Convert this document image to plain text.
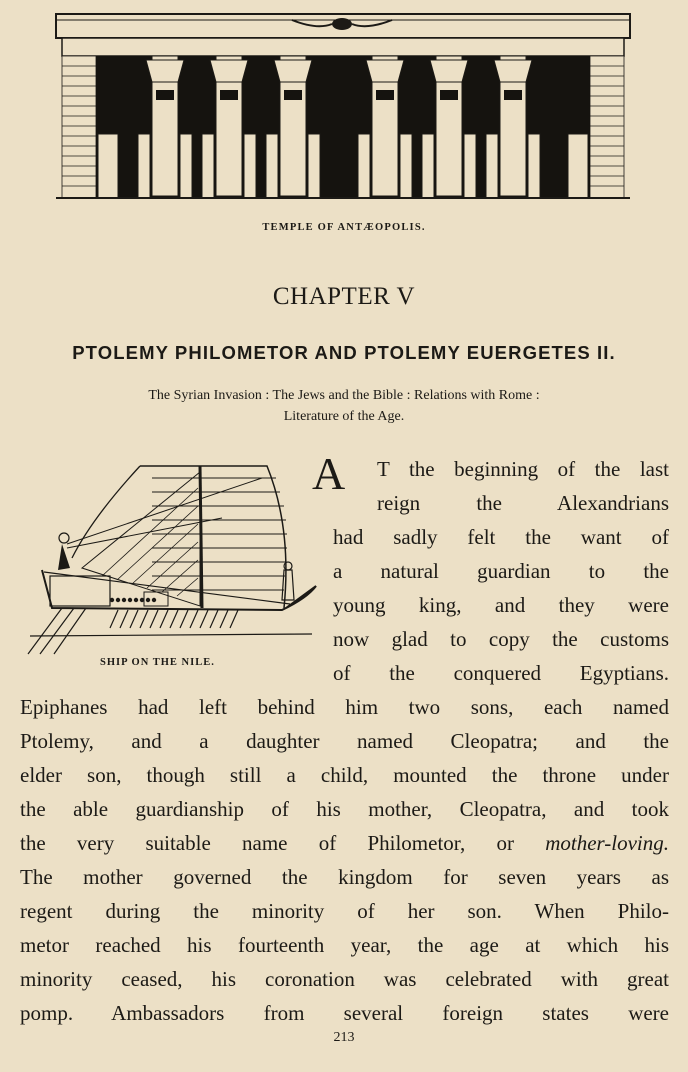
TEMPLE OF ANTÆOPOLIS.
CHAPTER V
PTOLEMY PHILOMETOR AND PTOLEMY EUERGETES II.
The Syrian Invasion : The Jews and the Bible : Relations with Rome :
Literature of the Age.
SHIP ON THE NILE.
A T the beginning of the last
reign the Alexandrians
had sadly felt the want of
a natural guardian to the
young king, and they were
now glad to copy the customs
of the conquered Egyptians.
Epiphanes had left behind him two sons, each named
Ptolemy, and a daughter named Cleopatra; and the
elder son, though still a child, mounted the throne under
the able guardianship of his mother, Cleopatra, and took
the very suitable name of Philometor, or mother-loving.
The mother governed the kingdom for seven years as
regent during the minority of her son. When Philo-
metor reached his fourteenth year, the age at which his
minority ceased, his coronation was celebrated with great
pomp. Ambassadors from several foreign states were
213
